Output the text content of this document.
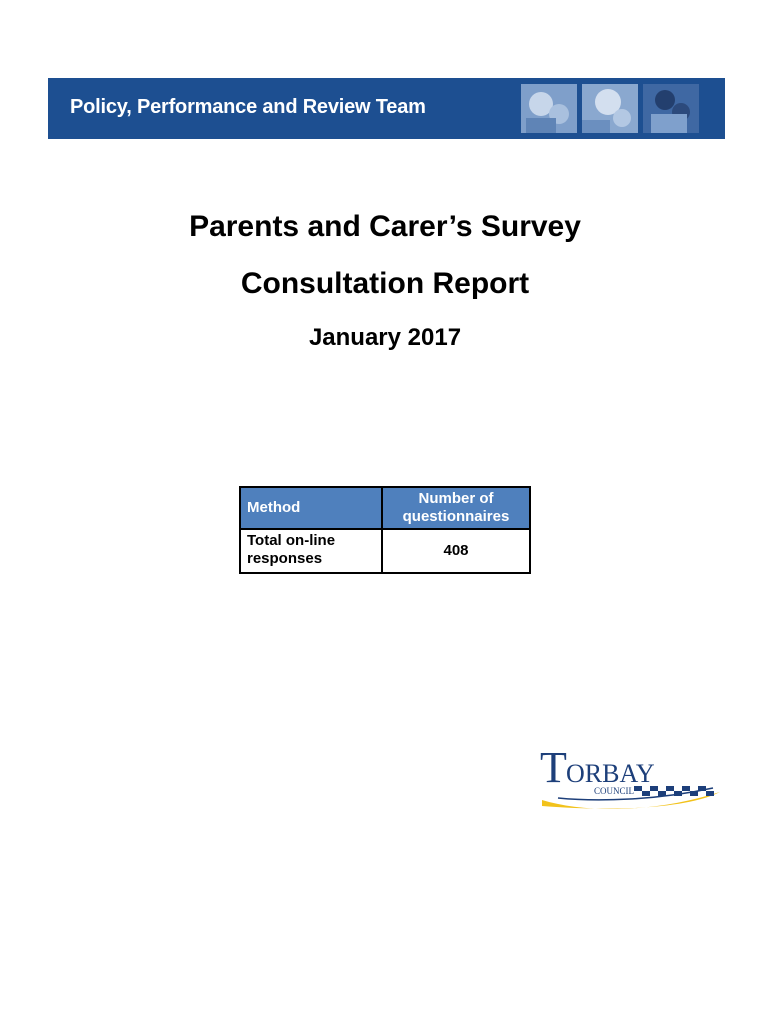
Policy, Performance and Review Team
Parents and Carer’s Survey
Consultation Report
January 2017
Method	Number of questionnaires
Total on-line responses	408
T ORBAY
COUNCIL
